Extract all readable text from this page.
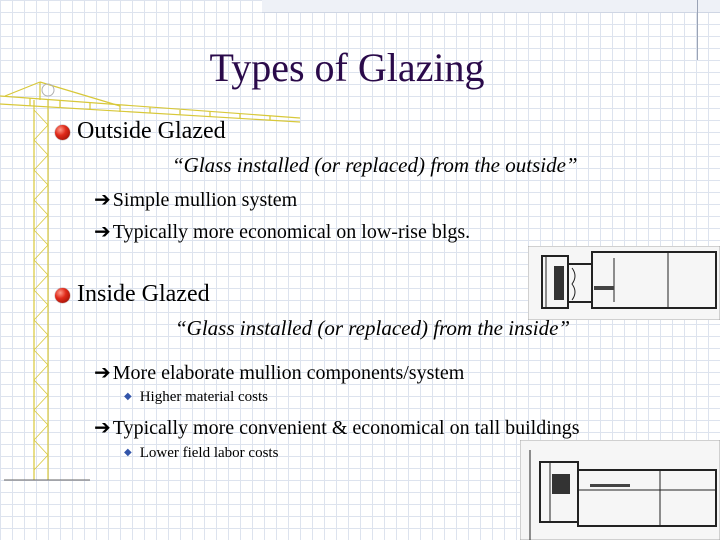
Types of Glazing
Outside Glazed
“Glass installed (or replaced) from the outside”
➔ Simple mullion system
➔ Typically more economical on low-rise blgs.
Inside Glazed
“Glass installed (or replaced) from the inside”
➔ More elaborate mullion components/system
◆ Higher material costs
➔ Typically more convenient & economical on tall buildings
◆ Lower field labor costs
